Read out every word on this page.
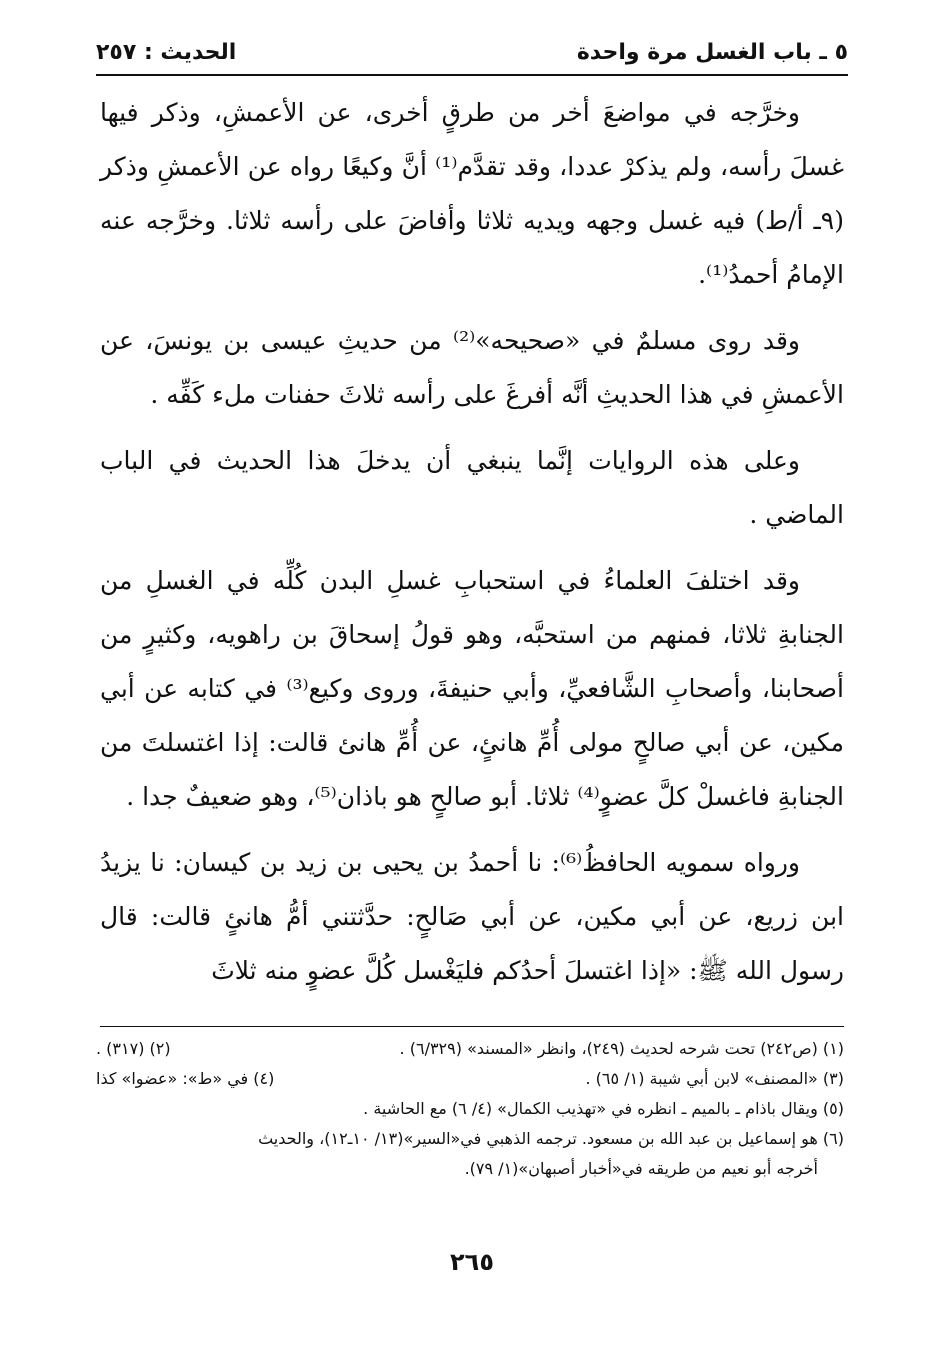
٥ ـ باب الغسل مرة واحدة
الحديث : ٢٥٧

وخرَّجه في مواضعَ أخر من طرقٍ أخرى، عن الأعمشِ، وذكر فيها غسلَ رأسه، ولم يذكرْ عددا، وقد تقدَّم⁽¹⁾ أنَّ وكيعًا رواه عن الأعمشِ وذكر (٩ـ أ/ط) فيه غسل وجهه ويديه ثلاثا وأفاضَ على رأسه ثلاثا. وخرَّجه عنه الإمامُ أحمدُ⁽¹⁾.

وقد روى مسلمٌ في «صحيحه»⁽²⁾ من حديثِ عيسى بن يونسَ، عن الأعمشِ في هذا الحديثِ أنَّه أفرغَ على رأسه ثلاثَ حفنات ملء كَفِّه .

وعلى هذه الروايات إنَّما ينبغي أن يدخلَ هذا الحديث في الباب الماضي .

وقد اختلفَ العلماءُ في استحبابِ غسلِ البدن كُلِّه في الغسلِ من الجنابةِ ثلاثا، فمنهم من استحبَّه، وهو قولُ إسحاقَ بن راهويه، وكثيرٍ من أصحابنا، وأصحابِ الشَّافعيِّ، وأبي حنيفةَ، وروى وكيع⁽³⁾ في كتابه عن أبي مكين، عن أبي صالحٍ مولى أُمِّ هانئٍ، عن أُمِّ هانئ قالت: إذا اغتسلتَ من الجنابةِ فاغسلْ كلَّ عضوٍ⁽⁴⁾ ثلاثا. أبو صالحٍ هو باذان⁽⁵⁾، وهو ضعيفٌ جدا .

ورواه سمويه الحافظُ⁽⁶⁾: نا أحمدُ بن يحيى بن زيد بن كيسان: نا يزيدُ ابن زريع، عن أبي مكين، عن أبي صَالحٍ: حدَّثتني أمُّ هانئٍ قالت: قال رسول الله ﷺ: «إذا اغتسلَ أحدُكم فليَغْسل كُلَّ عضوٍ منه ثلاثَ

(١) (ص٢٤٢) تحت شرحه لحديث (٢٤٩)، وانظر «المسند» (٦/٣٢٩) .
(٢) (٣١٧) .
(٣) «المصنف» لابن أبي شيبة (١/ ٦٥) .
(٤) في «ط»: «عضوا» كذا
(٥) ويقال باذام ـ بالميم ـ انظره في «تهذيب الكمال» (٤/ ٦) مع الحاشية .
(٦) هو إسماعيل بن عبد الله بن مسعود. ترجمه الذهبي في«السير»(١٣/ ١٠ـ١٢)، والحديث
أخرجه أبو نعيم من طريقه في«أخبار أصبهان»(١/ ٧٩).
٢٦٥
